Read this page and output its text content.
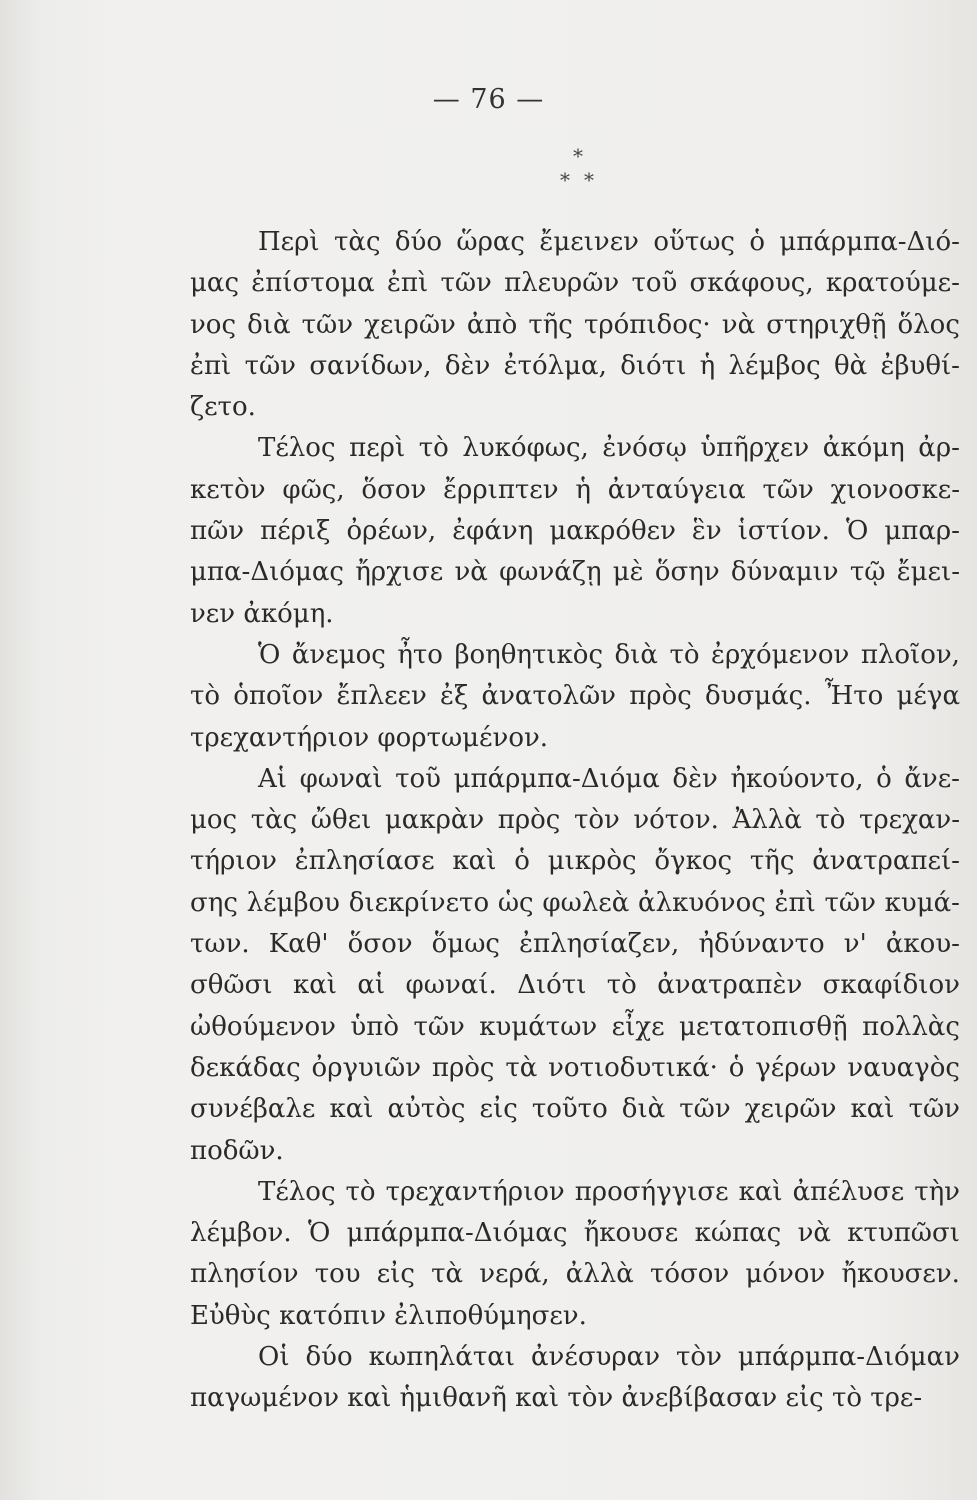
— 76 —
*
* *
Περὶ τὰς δύο ὥρας ἔμεινεν οὕτως ὁ μπάρμπα-Διό-
μας ἐπίστομα ἐπὶ τῶν πλευρῶν τοῦ σκάφους, κρατούμε-
νος διὰ τῶν χειρῶν ἀπὸ τῆς τρόπιδος· νὰ στηριχθῇ ὅλος
ἐπὶ τῶν σανίδων, δὲν ἐτόλμα, διότι ἡ λέμβος θὰ ἐβυθί-
ζετο.
Τέλος περὶ τὸ λυκόφως, ἐνόσῳ ὑπῆρχεν ἀκόμη ἀρ-
κετὸν φῶς, ὅσον ἔρριπτεν ἡ ἀνταύγεια τῶν χιονοσκε-
πῶν πέριξ ὀρέων, ἐφάνη μακρόθεν ἓν ἱστίον. Ὁ μπαρ-
μπα-Διόμας ἤρχισε νὰ φωνάζῃ μὲ ὅσην δύναμιν τῷ ἔμει-
νεν ἀκόμη.
Ὁ ἄνεμος ἦτο βοηθητικὸς διὰ τὸ ἐρχόμενον πλοῖον,
τὸ ὁποῖον ἔπλεεν ἐξ ἀνατολῶν πρὸς δυσμάς. Ἦτο μέγα
τρεχαντήριον φορτωμένον.
Αἱ φωναὶ τοῦ μπάρμπα-Διόμα δὲν ἠκούοντο, ὁ ἄνε-
μος τὰς ὤθει μακρὰν πρὸς τὸν νότον. Ἀλλὰ τὸ τρεχαν-
τήριον ἐπλησίασε καὶ ὁ μικρὸς ὄγκος τῆς ἀνατραπεί-
σης λέμβου διεκρίνετο ὡς φωλεὰ ἀλκυόνος ἐπὶ τῶν κυμά-
των. Καθ' ὅσον ὅμως ἐπλησίαζεν, ἠδύναντο ν' ἀκου-
σθῶσι καὶ αἱ φωναί. Διότι τὸ ἀνατραπὲν σκαφίδιον
ὠθούμενον ὑπὸ τῶν κυμάτων εἶχε μετατοπισθῇ πολλὰς
δεκάδας ὀργυιῶν πρὸς τὰ νοτιοδυτικά· ὁ γέρων ναυαγὸς
συνέβαλε καὶ αὐτὸς εἰς τοῦτο διὰ τῶν χειρῶν καὶ τῶν
ποδῶν.
Τέλος τὸ τρεχαντήριον προσήγγισε καὶ ἀπέλυσε τὴν
λέμβον. Ὁ μπάρμπα-Διόμας ἤκουσε κώπας νὰ κτυπῶσι
πλησίον του εἰς τὰ νερά, ἀλλὰ τόσον μόνον ἤκουσεν.
Εὐθὺς κατόπιν ἐλιποθύμησεν.
Οἱ δύο κωπηλάται ἀνέσυραν τὸν μπάρμπα-Διόμαν
παγωμένον καὶ ἡμιθανῆ καὶ τὸν ἀνεβίβασαν εἰς τὸ τρε-
